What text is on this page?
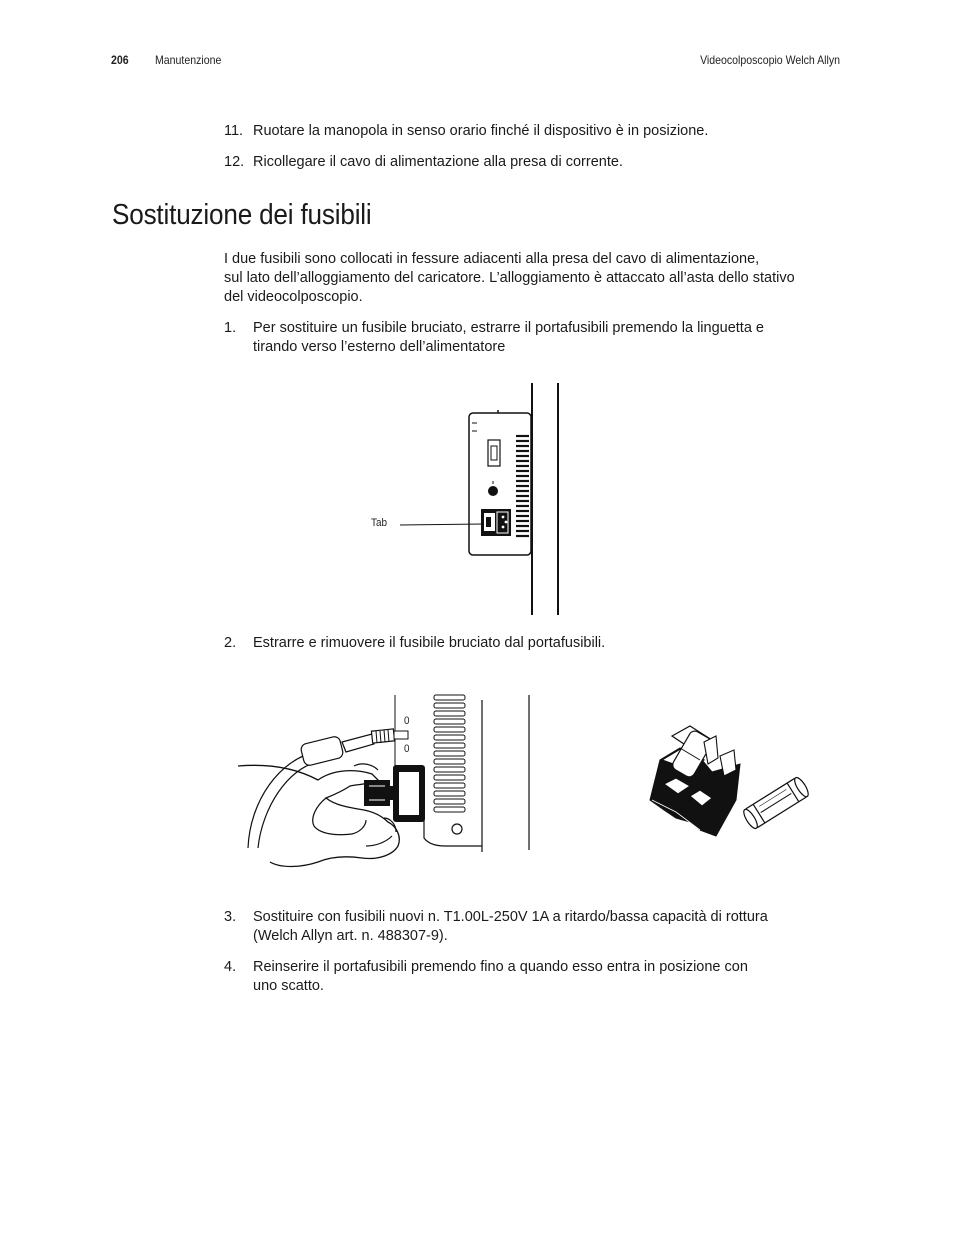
206 Manutenzione	Videocolposcopio Welch Allyn
11. Ruotare la manopola in senso orario finché il dispositivo è in posizione.
12. Ricollegare il cavo di alimentazione alla presa di corrente.
Sostituzione dei fusibili
I due fusibili sono collocati in fessure adiacenti alla presa del cavo di alimentazione,
sul lato dell’alloggiamento del caricatore. L’alloggiamento è attaccato all’asta dello stativo
del videocolposcopio.
1. Per sostituire un fusibile bruciato, estrarre il portafusibili premendo la linguetta e
tirando verso l’esterno dell’alimentatore
Tab
2. Estrarre e rimuovere il fusibile bruciato dal portafusibili.
0
0
3. Sostituire con fusibili nuovi n. T1.00L-250V 1A a ritardo/bassa capacità di rottura
(Welch Allyn art. n. 488307-9).
4. Reinserire il portafusibili premendo fino a quando esso entra in posizione con
uno scatto.
